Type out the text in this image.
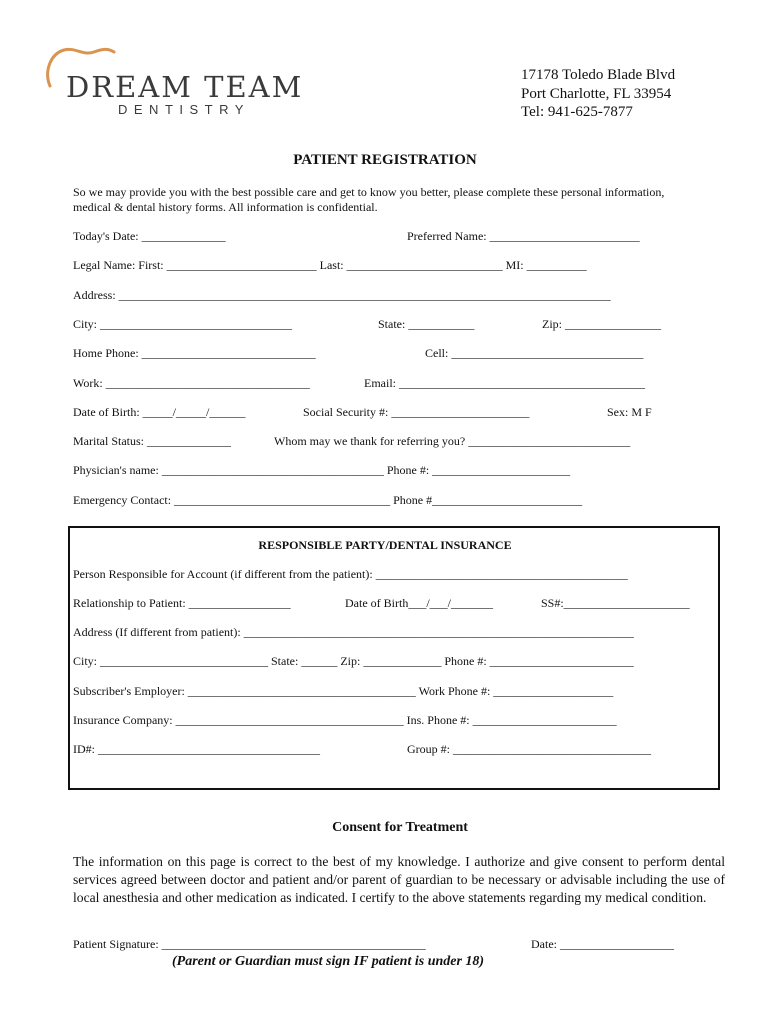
DREAM TEAM
DENTISTRY
17178 Toledo Blade Blvd
Port Charlotte, FL 33954
Tel: 941-625-7877
PATIENT REGISTRATION
So we may provide you with the best possible care and get to know you better, please complete these personal information, medical & dental history forms. All information is confidential.
Today's Date: ______________	Preferred Name: _________________________
Legal Name: First: _________________________ Last: __________________________ MI: __________
Address: __________________________________________________________________________________
City: ________________________________	State: ___________	Zip: ________________
Home Phone: _____________________________	Cell: ________________________________
Work: __________________________________	Email: _________________________________________
Date of Birth: _____/_____/______	Social Security #: _______________________	Sex: M F
Marital Status: ______________	Whom may we thank for referring you? ___________________________
Physician's name: _____________________________________ Phone #: _______________________
Emergency Contact: ____________________________________ Phone #_________________________
RESPONSIBLE PARTY/DENTAL INSURANCE
Person Responsible for Account (if different from the patient): __________________________________________
Relationship to Patient: _________________	Date of Birth___/___/_______	SS#:_____________________
Address (If different from patient): _________________________________________________________________
City: ____________________________ State: ______ Zip: _____________ Phone #: ________________________
Subscriber's Employer: ______________________________________ Work Phone #: ____________________
Insurance Company: ______________________________________ Ins. Phone #: ________________________
ID#: _____________________________________	Group #: _________________________________
Consent for Treatment
The information on this page is correct to the best of my knowledge. I authorize and give consent to perform dental services agreed between doctor and patient and/or parent of guardian to be necessary or advisable including the use of local anesthesia and other medication as indicated. I certify to the above statements regarding my medical condition.
Patient Signature: ____________________________________________	Date: ___________________
(Parent or Guardian must sign IF patient is under 18)
